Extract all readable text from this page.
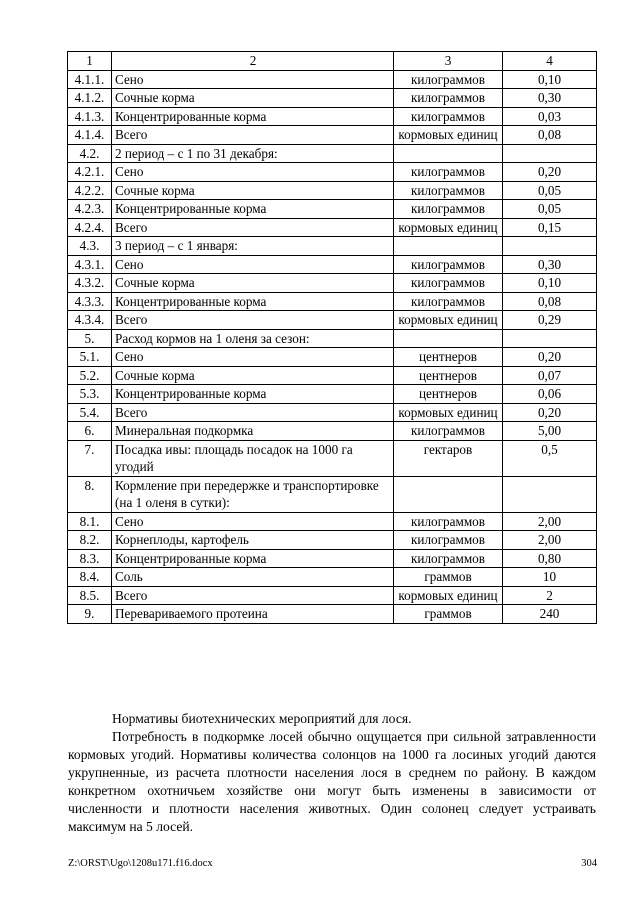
1	2	3	4
4.1.1.	Сено	килограммов	0,10
4.1.2.	Сочные корма	килограммов	0,30
4.1.3.	Концентрированные корма	килограммов	0,03
4.1.4.	Всего	кормовых единиц	0,08
4.2.	2 период – с 1 по 31 декабря:		
4.2.1.	Сено	килограммов	0,20
4.2.2.	Сочные корма	килограммов	0,05
4.2.3.	Концентрированные корма	килограммов	0,05
4.2.4.	Всего	кормовых единиц	0,15
4.3.	3 период – с 1 января:		
4.3.1.	Сено	килограммов	0,30
4.3.2.	Сочные корма	килограммов	0,10
4.3.3.	Концентрированные корма	килограммов	0,08
4.3.4.	Всего	кормовых единиц	0,29
5.	Расход кормов на 1 оленя за сезон:		
5.1.	Сено	центнеров	0,20
5.2.	Сочные корма	центнеров	0,07
5.3.	Концентрированные корма	центнеров	0,06
5.4.	Всего	кормовых единиц	0,20
6.	Минеральная подкормка	килограммов	5,00
7.	Посадка ивы: площадь посадок на 1000 га угодий	гектаров	0,5
8.	Кормление при передержке и транспортировке (на 1 оленя в сутки):		
8.1.	Сено	килограммов	2,00
8.2.	Корнеплоды, картофель	килограммов	2,00
8.3.	Концентрированные корма	килограммов	0,80
8.4.	Соль	граммов	10
8.5.	Всего	кормовых единиц	2
9.	Перевариваемого протеина	граммов	240
Нормативы биотехнических мероприятий для лося.
Потребность в подкормке лосей обычно ощущается при сильной затравленности кормовых угодий. Нормативы количества солонцов на 1000 га лосиных угодий даются укрупненные, из расчета плотности населения лося в среднем по району. В каждом конкретном охотничьем хозяйстве они могут быть изменены в зависимости от численности и плотности населения животных. Один солонец следует устраивать максимум на 5 лосей.
Z:\ORST\Ugo\1208u171.f16.docx	304
